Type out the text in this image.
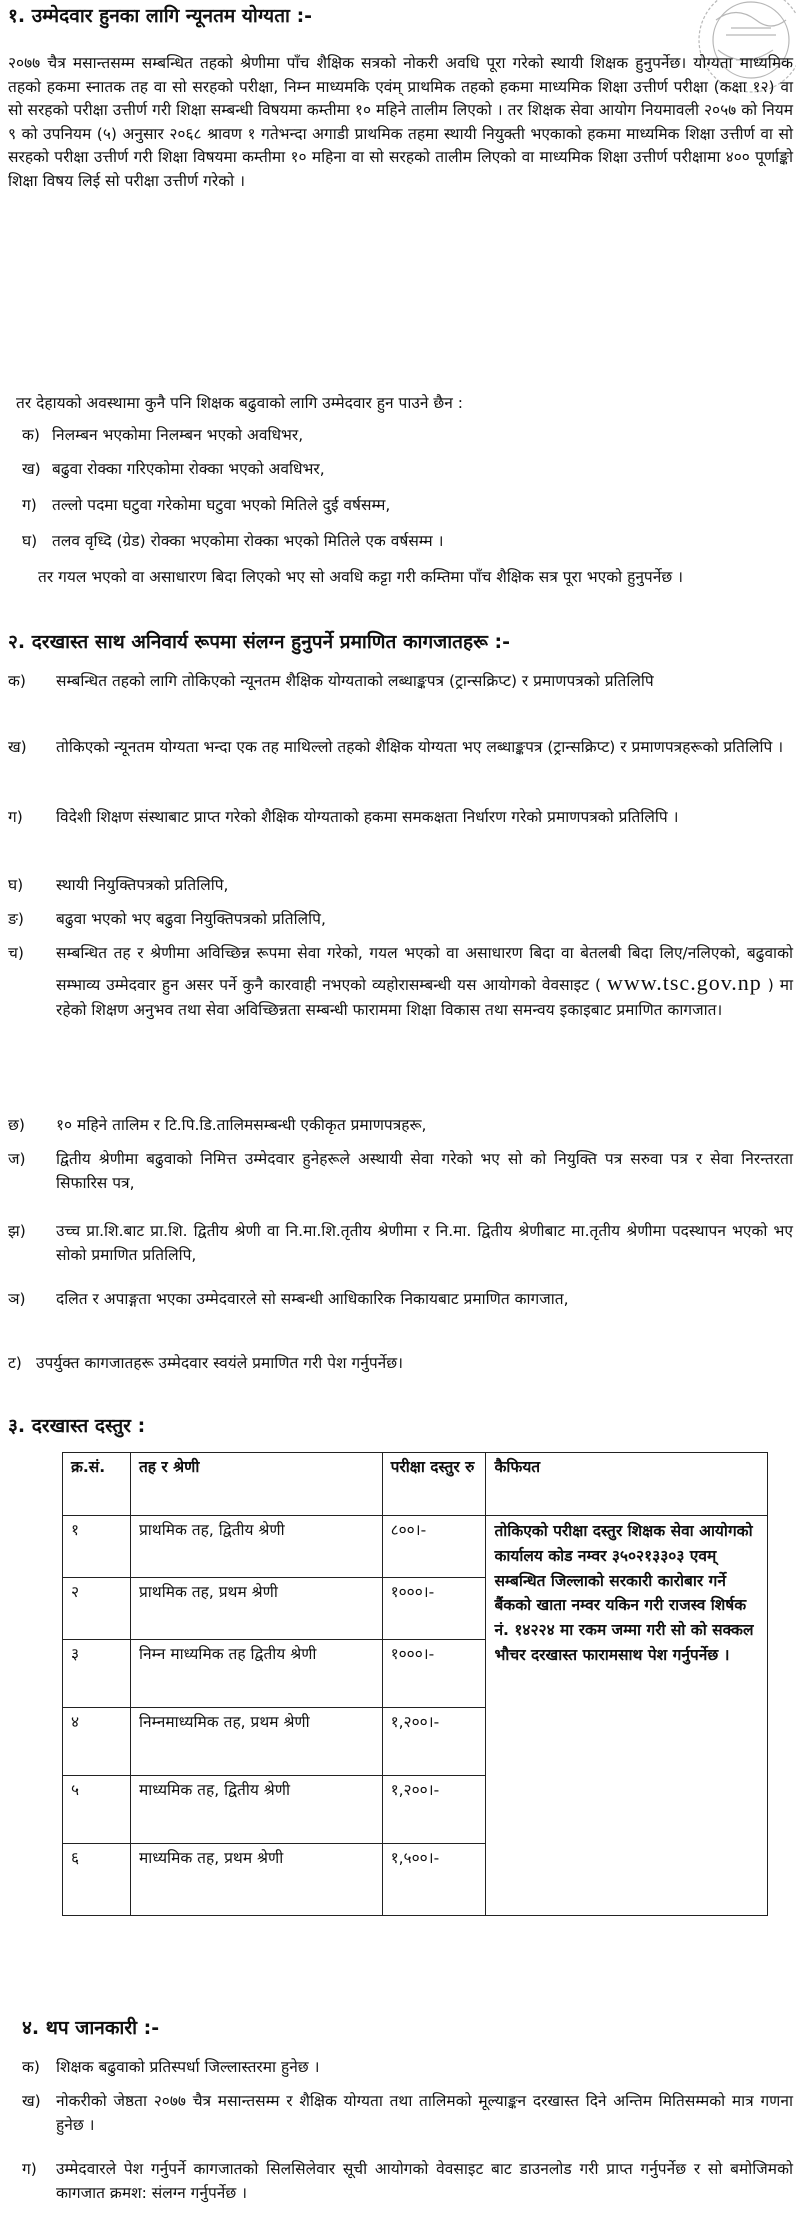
१. उम्मेदवार हुनका लागि न्यूनतम योग्यता :-

२०७७ चैत्र मसान्तसम्म सम्बन्धित तहको श्रेणीमा पाँच शैक्षिक सत्रको नोकरी अवधि पूरा गरेको स्थायी शिक्षक हुनुपर्नेछ। योग्यता माध्यमिक तहको हकमा स्नातक तह वा सो सरहको परीक्षा, निम्न माध्यमकि एवंम् प्राथमिक तहको हकमा माध्यमिक शिक्षा उत्तीर्ण परीक्षा (कक्षा १२) वा सो सरहको परीक्षा उत्तीर्ण गरी शिक्षा सम्बन्धी विषयमा कम्तीमा १० महिने तालीम लिएको । तर शिक्षक सेवा आयोग नियमावली २०५७ को नियम ९ को उपनियम (५) अनुसार २०६८ श्रावण १ गतेभन्दा अगाडी प्राथमिक तहमा स्थायी नियुक्ती भएकाको हकमा माध्यमिक शिक्षा उत्तीर्ण वा सो सरहको परीक्षा उत्तीर्ण गरी शिक्षा विषयमा कम्तीमा १० महिना वा सो सरहको तालीम लिएको वा माध्यमिक शिक्षा उत्तीर्ण परीक्षामा ४०० पूर्णाङ्को शिक्षा विषय लिई सो परीक्षा उत्तीर्ण गरेको ।

तर देहायको अवस्थामा कुनै पनि शिक्षक बढुवाको लागि उम्मेदवार हुन पाउने छैन :

क) निलम्बन भएकोमा निलम्बन भएको अवधिभर,
ख) बढुवा रोक्का गरिएकोमा रोक्का भएको अवधिभर,
ग) तल्लो पदमा घटुवा गरेकोमा घटुवा भएको मितिले दुई वर्षसम्म,
घ) तलव वृध्दि (ग्रेड) रोक्का भएकोमा रोक्का भएको मितिले एक वर्षसम्म ।

तर गयल भएको वा असाधारण बिदा लिएको भए सो अवधि कट्टा गरी कम्तिमा पाँच शैक्षिक सत्र पूरा भएको हुनुपर्नेछ ।

२. दरखास्त साथ अनिवार्य रूपमा संलग्न हुनुपर्ने प्रमाणित कागजातहरू :-
क)	सम्बन्धित तहको लागि तोकिएको न्यूनतम शैक्षिक योग्यताको लब्धाङ्कपत्र (ट्रान्सक्रिप्ट) र प्रमाणपत्रको प्रतिलिपि
ख)	तोकिएको न्यूनतम योग्यता भन्दा एक तह माथिल्लो तहको शैक्षिक योग्यता भए लब्धाङ्कपत्र (ट्रान्सक्रिप्ट) र प्रमाणपत्रहरूको प्रतिलिपि ।
ग)	विदेशी शिक्षण संस्थाबाट प्राप्त गरेको शैक्षिक योग्यताको हकमा समकक्षता निर्धारण गरेको प्रमाणपत्रको प्रतिलिपि ।
घ)	स्थायी नियुक्तिपत्रको प्रतिलिपि,
ङ)	बढुवा भएको भए बढुवा नियुक्तिपत्रको प्रतिलिपि,
च)	सम्बन्धित तह र श्रेणीमा अविच्छिन्न रूपमा सेवा गरेको, गयल भएको वा असाधारण बिदा वा बेतलबी बिदा लिए/नलिएको, बढुवाको सम्भाव्य उम्मेदवार हुन असर पर्ने कुनै कारवाही नभएको व्यहोरासम्बन्धी यस आयोगको वेवसाइट ( www.tsc.gov.np ) मा रहेको शिक्षण अनुभव तथा सेवा अविच्छिन्नता सम्बन्धी फाराममा शिक्षा विकास तथा समन्वय इकाइबाट प्रमाणित कागजात।
छ)	१० महिने तालिम र टि.पि.डि.तालिमसम्बन्धी एकीकृत प्रमाणपत्रहरू,
ज)	द्वितीय श्रेणीमा बढुवाको निमित्त उम्मेदवार हुनेहरूले अस्थायी सेवा गरेको भए सो को नियुक्ति पत्र सरुवा पत्र र सेवा निरन्तरता सिफारिस पत्र,
झ)	उच्च प्रा.शि.बाट प्रा.शि. द्वितीय श्रेणी वा नि.मा.शि.तृतीय श्रेणीमा र नि.मा. द्वितीय श्रेणीबाट मा.तृतीय श्रेणीमा पदस्थापन भएको भए सोको प्रमाणित प्रतिलिपि,
ञ)	दलित र अपाङ्गता भएका उम्मेदवारले सो सम्बन्धी आधिकारिक निकायबाट प्रमाणित कागजात,
ट) उपर्युक्त कागजातहरू उम्मेदवार स्वयंले प्रमाणित गरी पेश गर्नुपर्नेछ।
३. दरखास्त दस्तुर :
क्र.सं.	तह र श्रेणी	परीक्षा दस्तुर रु	कैफियत
१	प्राथमिक तह, द्वितीय श्रेणी	८००।-	तोकिएको परीक्षा दस्तुर शिक्षक सेवा आयोगको कार्यालय कोड नम्वर ३५०२१३३०३ एवम् सम्बन्धित जिल्लाको सरकारी कारोबार गर्ने बैंकको खाता नम्वर यकिन गरी राजस्व शिर्षक नं. १४२२४ मा रकम जम्मा गरी सो को सक्कल भौचर दरखास्त फारामसाथ पेश गर्नुपर्नेछ ।
२	प्राथमिक तह, प्रथम श्रेणी	१०००।-	
३	निम्न माध्यमिक तह द्वितीय श्रेणी	१०००।-	
४	निम्नमाध्यमिक तह, प्रथम श्रेणी	१,२००।-	
५	माध्यमिक तह, द्वितीय श्रेणी	१,२००।-	
६	माध्यमिक तह, प्रथम श्रेणी	१,५००।-	
४. थप जानकारी :-
क)	शिक्षक बढुवाको प्रतिस्पर्धा जिल्लास्तरमा हुनेछ ।
ख) नोकरीको जेष्ठता २०७७ चैत्र मसान्तसम्म र शैक्षिक योग्यता तथा तालिमको मूल्याङ्कन दरखास्त दिने अन्तिम मितिसम्मको मात्र गणना हुनेछ ।
ग)	उम्मेदवारले पेश गर्नुपर्ने कागजातको सिलसिलेवार सूची आयोगको वेवसाइट बाट डाउनलोड गरी प्राप्त गर्नुपर्नेछ र सो बमोजिमको कागजात क्रमश: संलग्न गर्नुपर्नेछ ।
